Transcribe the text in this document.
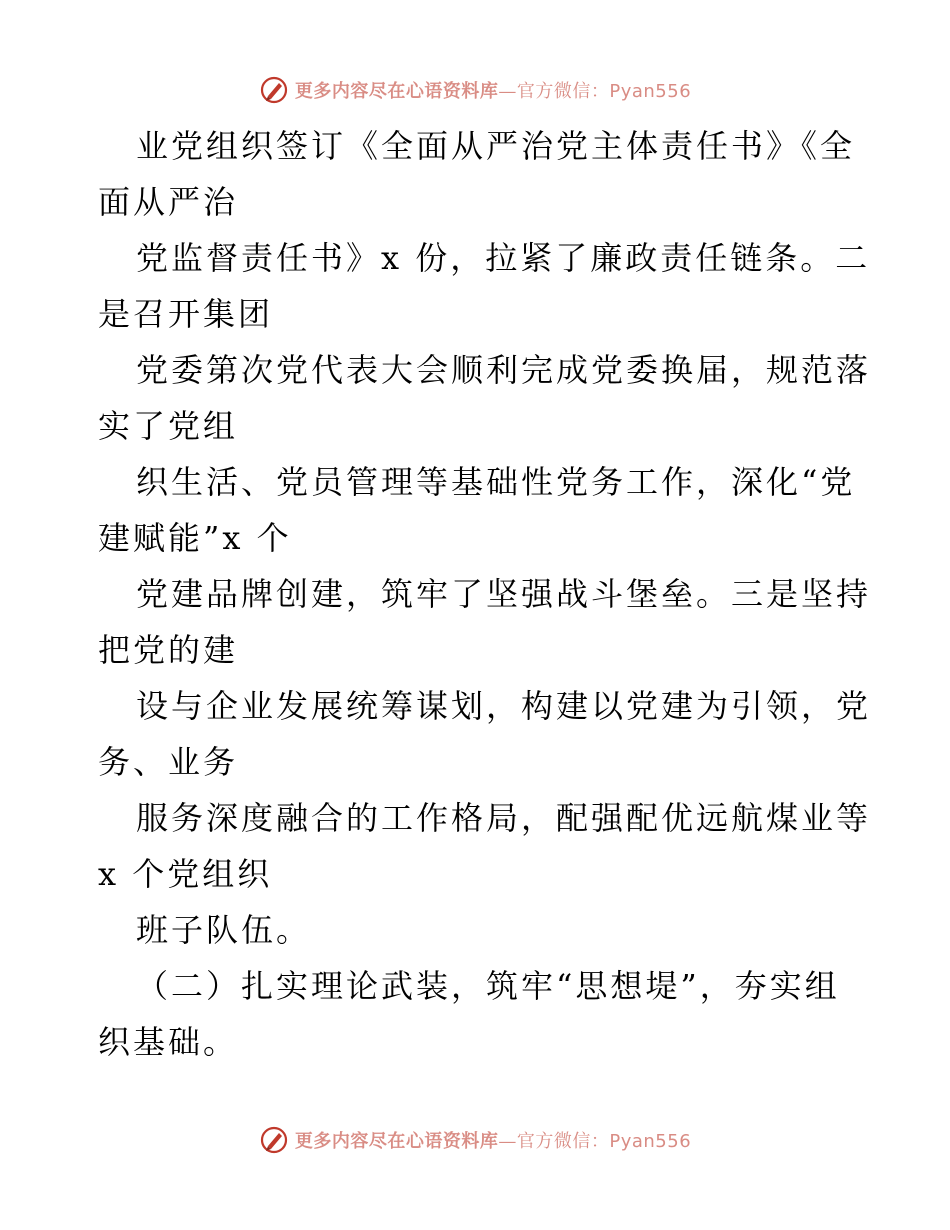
更多内容尽在心语资料库—官方微信：Pyan556
业党组织签订《全面从严治党主体责任书》《全
面从严治
党监督责任书》x 份，拉紧了廉政责任链条。二
是召开集团
党委第次党代表大会顺利完成党委换届，规范落
实了党组
织生活、党员管理等基础性党务工作，深化“党
建赋能”x 个
党建品牌创建，筑牢了坚强战斗堡垒。三是坚持
把党的建
设与企业发展统筹谋划，构建以党建为引领，党
务、业务
服务深度融合的工作格局，配强配优远航煤业等
x 个党组织
班子队伍。
（二）扎实理论武装，筑牢“思想堤”，夯实组
织基础。
更多内容尽在心语资料库—官方微信：Pyan556
